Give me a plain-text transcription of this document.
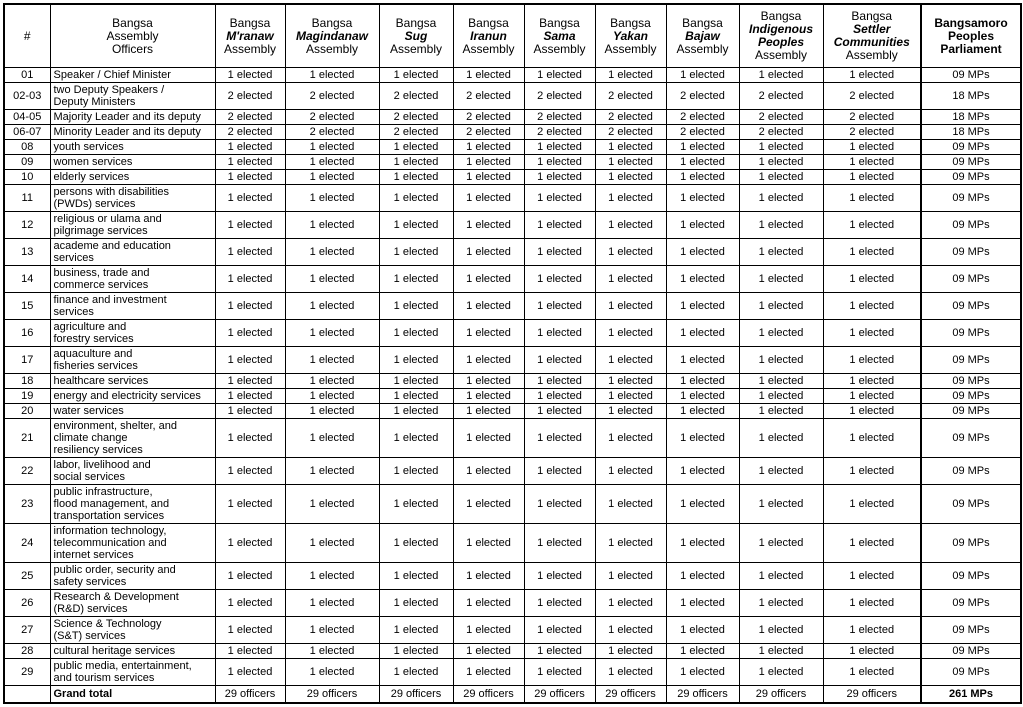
#	Bangsa
Assembly
Officers	Bangsa
M'ranaw
Assembly	Bangsa
Magindanaw
Assembly	Bangsa
Sug
Assembly	Bangsa
Iranun
Assembly	Bangsa
Sama
Assembly	Bangsa
Yakan
Assembly	Bangsa
Bajaw
Assembly	Bangsa
Indigenous
Peoples
Assembly	Bangsa
Settler
Communities
Assembly	Bangsamoro
Peoples
Parliament

01	Speaker / Chief Minister	1 elected	1 elected	1 elected	1 elected	1 elected	1 elected	1 elected	1 elected	1 elected	09 MPs
02-03	two Deputy Speakers /
Deputy Ministers	2 elected	2 elected	2 elected	2 elected	2 elected	2 elected	2 elected	2 elected	2 elected	18 MPs
04-05	Majority Leader and its deputy	2 elected	2 elected	2 elected	2 elected	2 elected	2 elected	2 elected	2 elected	2 elected	18 MPs
06-07	Minority Leader and its deputy	2 elected	2 elected	2 elected	2 elected	2 elected	2 elected	2 elected	2 elected	2 elected	18 MPs
08	youth services	1 elected	1 elected	1 elected	1 elected	1 elected	1 elected	1 elected	1 elected	1 elected	09 MPs
09	women services	1 elected	1 elected	1 elected	1 elected	1 elected	1 elected	1 elected	1 elected	1 elected	09 MPs
10	elderly services	1 elected	1 elected	1 elected	1 elected	1 elected	1 elected	1 elected	1 elected	1 elected	09 MPs
11	persons with disabilities
(PWDs) services	1 elected	1 elected	1 elected	1 elected	1 elected	1 elected	1 elected	1 elected	1 elected	09 MPs
12	religious or ulama and
pilgrimage services	1 elected	1 elected	1 elected	1 elected	1 elected	1 elected	1 elected	1 elected	1 elected	09 MPs
13	academe and education
services	1 elected	1 elected	1 elected	1 elected	1 elected	1 elected	1 elected	1 elected	1 elected	09 MPs
14	business, trade and
commerce services	1 elected	1 elected	1 elected	1 elected	1 elected	1 elected	1 elected	1 elected	1 elected	09 MPs
15	finance and investment
services	1 elected	1 elected	1 elected	1 elected	1 elected	1 elected	1 elected	1 elected	1 elected	09 MPs
16	agriculture and
forestry services	1 elected	1 elected	1 elected	1 elected	1 elected	1 elected	1 elected	1 elected	1 elected	09 MPs
17	aquaculture and
fisheries services	1 elected	1 elected	1 elected	1 elected	1 elected	1 elected	1 elected	1 elected	1 elected	09 MPs
18	healthcare services	1 elected	1 elected	1 elected	1 elected	1 elected	1 elected	1 elected	1 elected	1 elected	09 MPs
19	energy and electricity services	1 elected	1 elected	1 elected	1 elected	1 elected	1 elected	1 elected	1 elected	1 elected	09 MPs
20	water services	1 elected	1 elected	1 elected	1 elected	1 elected	1 elected	1 elected	1 elected	1 elected	09 MPs
21	environment, shelter, and
climate change
resiliency services	1 elected	1 elected	1 elected	1 elected	1 elected	1 elected	1 elected	1 elected	1 elected	09 MPs
22	labor, livelihood and
social services	1 elected	1 elected	1 elected	1 elected	1 elected	1 elected	1 elected	1 elected	1 elected	09 MPs
23	public infrastructure,
flood management, and
transportation services	1 elected	1 elected	1 elected	1 elected	1 elected	1 elected	1 elected	1 elected	1 elected	09 MPs
24	information technology,
telecommunication and
internet services	1 elected	1 elected	1 elected	1 elected	1 elected	1 elected	1 elected	1 elected	1 elected	09 MPs
25	public order, security and
safety services	1 elected	1 elected	1 elected	1 elected	1 elected	1 elected	1 elected	1 elected	1 elected	09 MPs
26	Research & Development
(R&D) services	1 elected	1 elected	1 elected	1 elected	1 elected	1 elected	1 elected	1 elected	1 elected	09 MPs
27	Science & Technology
(S&T) services	1 elected	1 elected	1 elected	1 elected	1 elected	1 elected	1 elected	1 elected	1 elected	09 MPs
28	cultural heritage services	1 elected	1 elected	1 elected	1 elected	1 elected	1 elected	1 elected	1 elected	1 elected	09 MPs
29	public media, entertainment,
and tourism services	1 elected	1 elected	1 elected	1 elected	1 elected	1 elected	1 elected	1 elected	1 elected	09 MPs
	Grand total	29 officers	29 officers	29 officers	29 officers	29 officers	29 officers	29 officers	29 officers	29 officers	261 MPs
